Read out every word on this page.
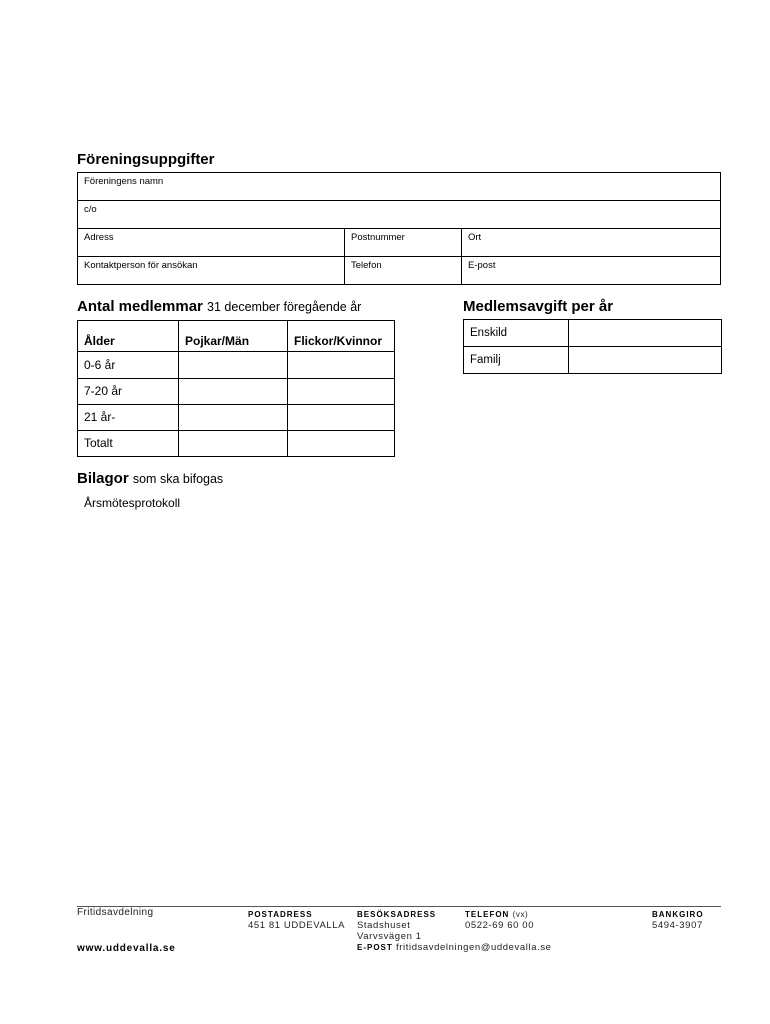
Föreningsuppgifter
Föreningens namn		
c/o		
Adress	Postnummer	Ort
Kontaktperson för ansökan	Telefon	E-post
Antal medlemmar 31 december föregående år
Ålder	Pojkar/Män	Flickor/Kvinnor
0-6 år		
7-20 år		
21 år-		
Totalt		
Medlemsavgift per år
Enskild	
Familj	
Bilagor som ska bifogas
Årsmötesprotokoll
Fritidsavdelning
www.uddevalla.se
POSTADRESS
451 81 UDDEVALLA
BESÖKSADRESS
Stadshuset
Varvsvägen 1
E-POST fritidsavdelningen@uddevalla.se
TELEFON (vx)
0522-69 60 00
BANKGIRO
5494-3907
